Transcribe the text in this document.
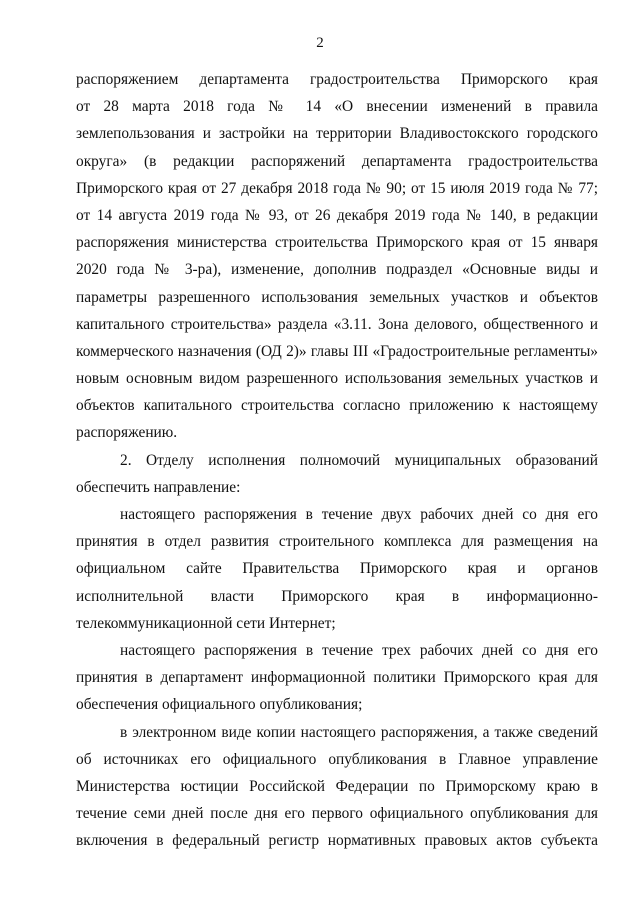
2
распоряжением департамента градостроительства Приморского края
от 28 марта 2018 года № 14 «О внесении изменений в правила
землепользования и застройки на территории Владивостокского городского
округа» (в редакции распоряжений департамента градостроительства
Приморского края от 27 декабря 2018 года № 90; от 15 июля 2019 года № 77;
от 14 августа 2019 года № 93, от 26 декабря 2019 года № 140, в редакции
распоряжения министерства строительства Приморского края от 15 января
2020 года № 3-ра), изменение, дополнив подраздел «Основные виды и
параметры разрешенного использования земельных участков и объектов
капитального строительства» раздела «3.11. Зона делового, общественного и
коммерческого назначения (ОД 2)» главы III «Градостроительные регламенты»
новым основным видом разрешенного использования земельных участков и
объектов капитального строительства согласно приложению к настоящему
распоряжению.
2. Отделу исполнения полномочий муниципальных образований
обеспечить направление:
настоящего распоряжения в течение двух рабочих дней со дня его
принятия в отдел развития строительного комплекса для размещения на
официальном сайте Правительства Приморского края и органов
исполнительной власти Приморского края в информационно-
телекоммуникационной сети Интернет;
настоящего распоряжения в течение трех рабочих дней со дня его
принятия в департамент информационной политики Приморского края для
обеспечения официального опубликования;
в электронном виде копии настоящего распоряжения, а также сведений
об источниках его официального опубликования в Главное управление
Министерства юстиции Российской Федерации по Приморскому краю в
течение семи дней после дня его первого официального опубликования для
включения в федеральный регистр нормативных правовых актов субъекта
